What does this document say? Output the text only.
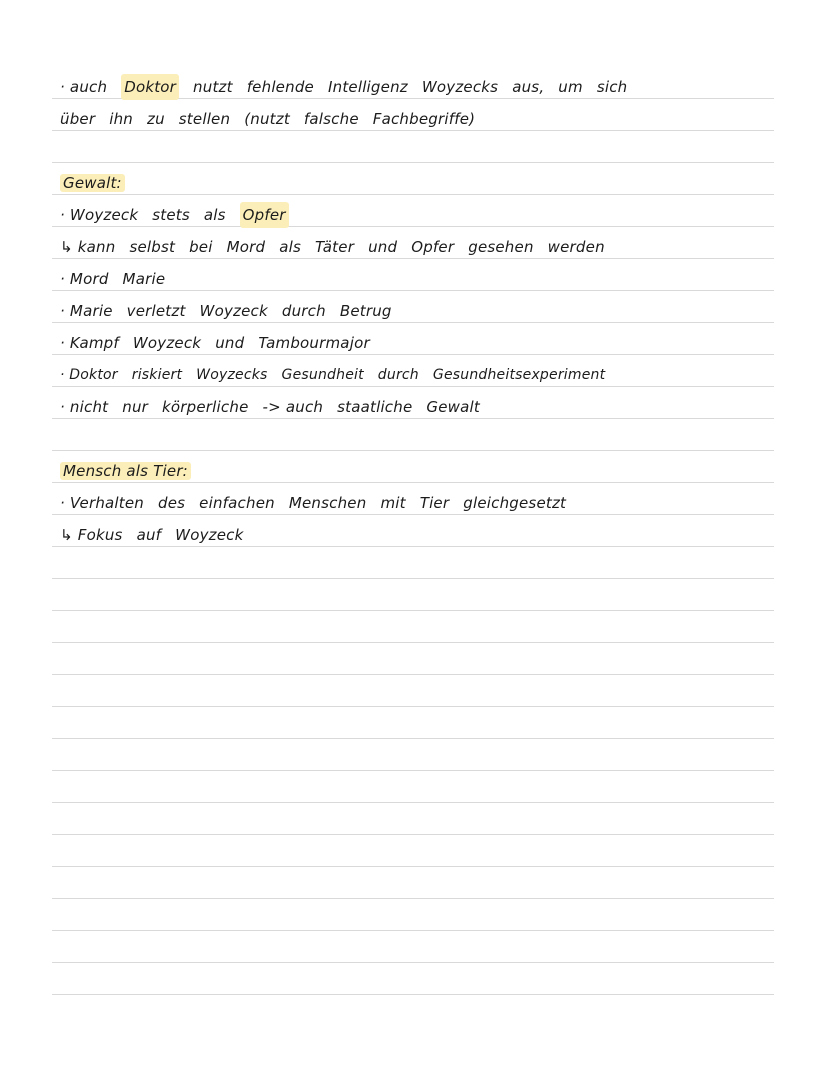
· auch Doktor nutzt fehlende Intelligenz Woyzecks aus, um sich
über ihn zu stellen (nutzt falsche Fachbegriffe)
Gewalt:
· Woyzeck stets als Opfer
↳ kann selbst bei Mord als Täter und Opfer gesehen werden
· Mord Marie
· Marie verletzt Woyzeck durch Betrug
· Kampf Woyzeck und Tambourmajor
· Doktor riskiert Woyzecks Gesundheit durch Gesundheitsexperiment
· nicht nur körperliche -> auch staatliche Gewalt
Mensch als Tier:
· Verhalten des einfachen Menschen mit Tier gleichgesetzt
↳ Fokus auf Woyzeck
